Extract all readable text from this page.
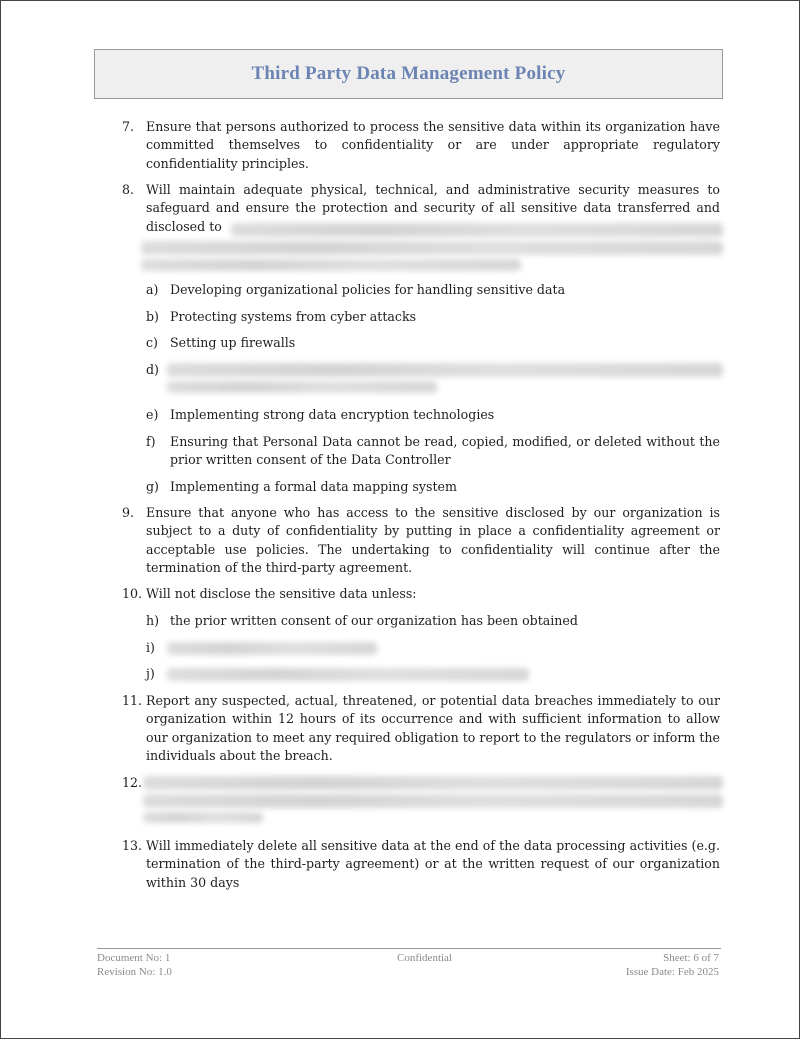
Third Party Data Management Policy
7. Ensure that persons authorized to process the sensitive data within its organization have committed themselves to confidentiality or are under appropriate regulatory confidentiality principles.
8. Will maintain adequate physical, technical, and administrative security measures to safeguard and ensure the protection and security of all sensitive data transferred and disclosed to
a) Developing organizational policies for handling sensitive data
b) Protecting systems from cyber attacks
c) Setting up firewalls
d)
e) Implementing strong data encryption technologies
f) Ensuring that Personal Data cannot be read, copied, modified, or deleted without the prior written consent of the Data Controller
g) Implementing a formal data mapping system
9. Ensure that anyone who has access to the sensitive disclosed by our organization is subject to a duty of confidentiality by putting in place a confidentiality agreement or acceptable use policies. The undertaking to confidentiality will continue after the termination of the third-party agreement.
10. Will not disclose the sensitive data unless:
h) the prior written consent of our organization has been obtained
i)
j)
11. Report any suspected, actual, threatened, or potential data breaches immediately to our organization within 12 hours of its occurrence and with sufficient information to allow our organization to meet any required obligation to report to the regulators or inform the individuals about the breach.
12.
13. Will immediately delete all sensitive data at the end of the data processing activities (e.g. termination of the third-party agreement) or at the written request of our organization within 30 days
Document No: 1
Revision No: 1.0
Confidential	Sheet: 6 of 7
Issue Date: Feb 2025
